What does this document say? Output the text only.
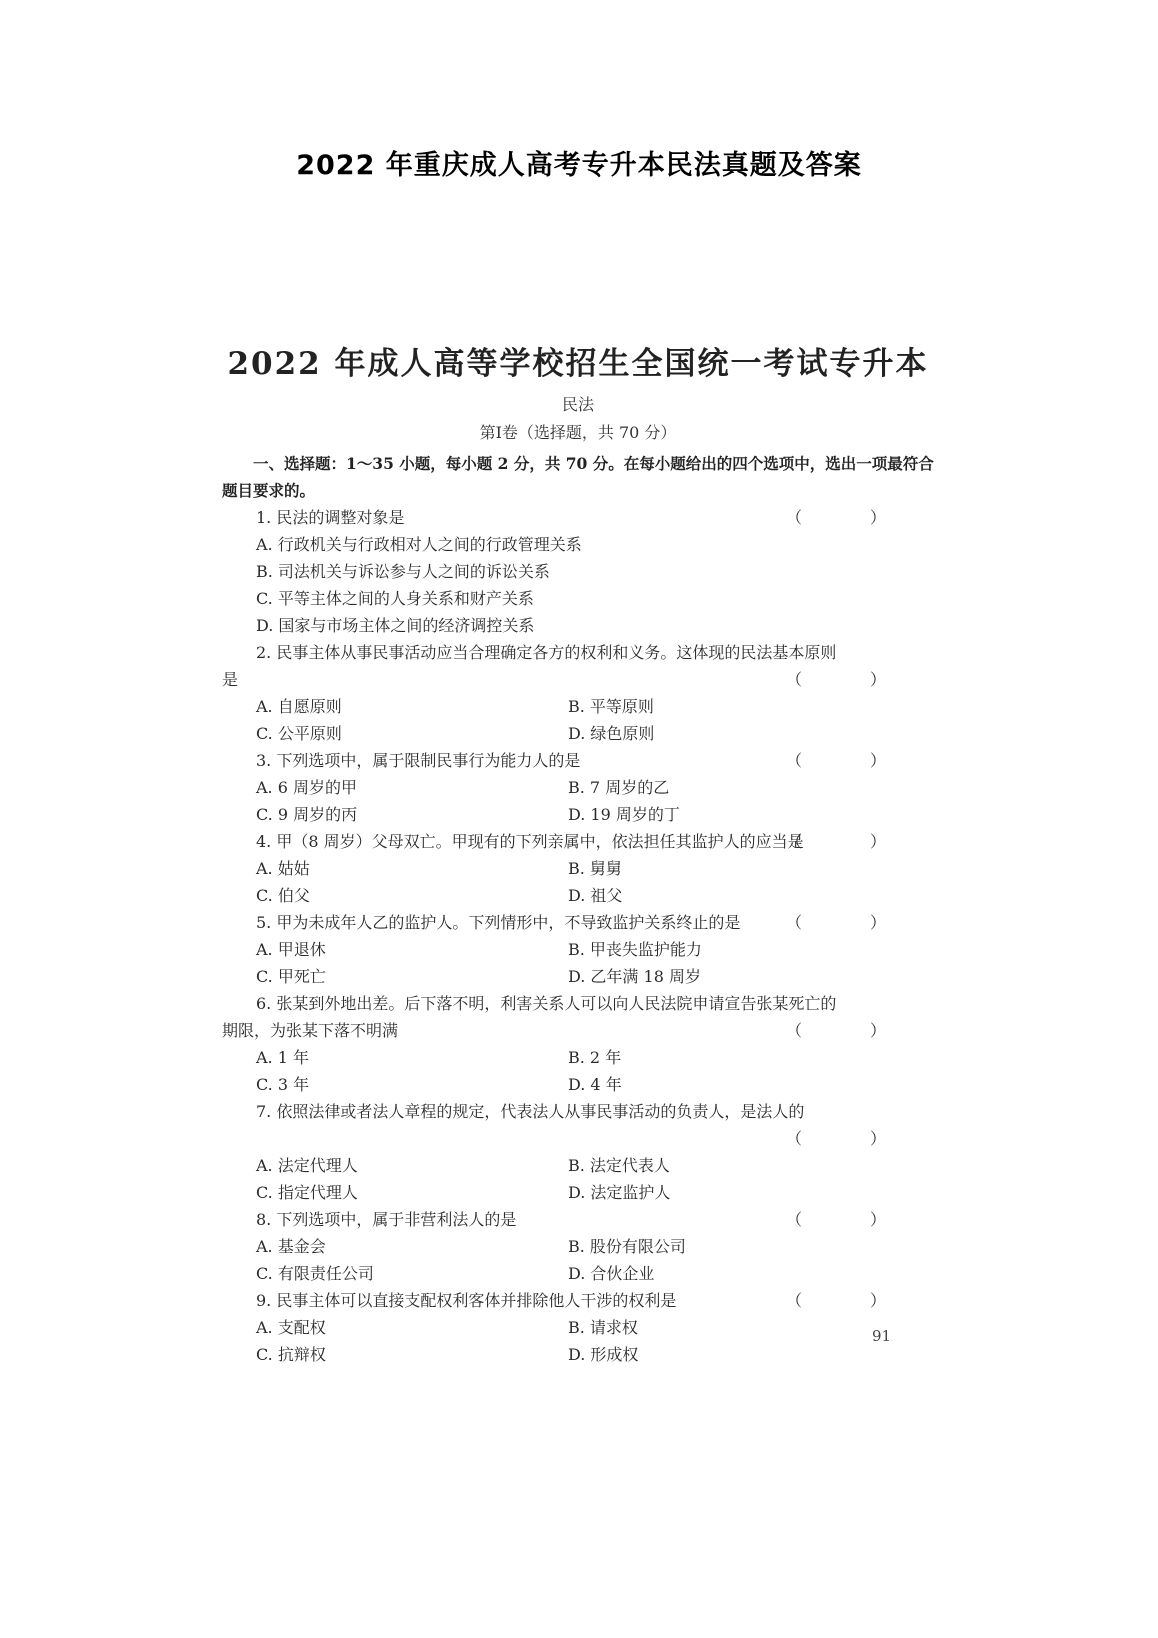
2022 年重庆成人高考专升本民法真题及答案
2022 年成人高等学校招生全国统一考试专升本
民法
第Ⅰ卷（选择题，共 70 分）
一、选择题：1～35 小题，每小题 2 分，共 70 分。在每小题给出的四个选项中，选出一项最符合题目要求的。
1. 民法的调整对象是	（　）
A. 行政机关与行政相对人之间的行政管理关系
B. 司法机关与诉讼参与人之间的诉讼关系
C. 平等主体之间的人身关系和财产关系
D. 国家与市场主体之间的经济调控关系
2. 民事主体从事民事活动应当合理确定各方的权利和义务。这体现的民法基本原则
是	（　）
A. 自愿原则	B. 平等原则
C. 公平原则	D. 绿色原则
3. 下列选项中，属于限制民事行为能力人的是	（　）
A. 6 周岁的甲	B. 7 周岁的乙
C. 9 周岁的丙	D. 19 周岁的丁
4. 甲（8 周岁）父母双亡。甲现有的下列亲属中，依法担任其监护人的应当是
（　）
A. 姑姑	B. 舅舅
C. 伯父	D. 祖父
5. 甲为未成年人乙的监护人。下列情形中，不导致监护关系终止的是	（　）
A. 甲退休	B. 甲丧失监护能力
C. 甲死亡	D. 乙年满 18 周岁
6. 张某到外地出差。后下落不明，利害关系人可以向人民法院申请宣告张某死亡的
期限，为张某下落不明满	（　）
A. 1 年	B. 2 年
C. 3 年	D. 4 年
7. 依照法律或者法人章程的规定，代表法人从事民事活动的负责人，是法人的
（　）
A. 法定代理人	B. 法定代表人
C. 指定代理人	D. 法定监护人
8. 下列选项中，属于非营利法人的是	（　）
A. 基金会	B. 股份有限公司
C. 有限责任公司	D. 合伙企业
9. 民事主体可以直接支配权利客体并排除他人干涉的权利是	（　）
A. 支配权	B. 请求权
C. 抗辩权	D. 形成权
91
